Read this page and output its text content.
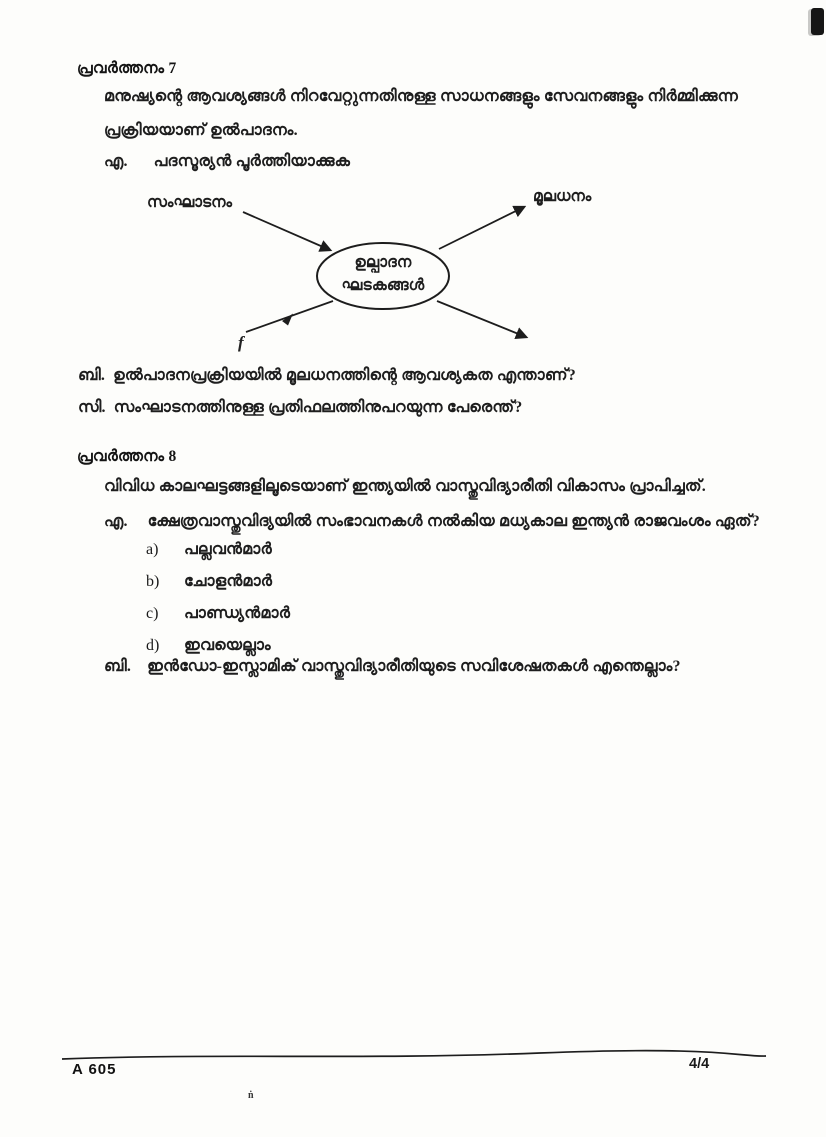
പ്രവർത്തനം 7
മനുഷ്യന്റെ ആവശ്യങ്ങൾ നിറവേറ്റുന്നതിനുള്ള സാധനങ്ങളും സേവനങ്ങളും നിർമ്മിക്കുന്ന
പ്രക്രിയയാണ് ഉൽപാദനം.
എ. പദസൂര്യൻ പൂർത്തിയാക്കുക
ഉല്പാദന
ഘടകങ്ങൾ
സംഘാടനം	മൂലധനം
f
ബി. ഉൽപാദനപ്രക്രിയയിൽ മൂലധനത്തിന്റെ ആവശ്യകത എന്താണ്?
സി. സംഘാടനത്തിനുള്ള പ്രതിഫലത്തിനുപറയുന്ന പേരെന്ത്?
പ്രവർത്തനം 8
വിവിധ കാലഘട്ടങ്ങളിലൂടെയാണ് ഇന്ത്യയിൽ വാസ്തുവിദ്യാരീതി വികാസം പ്രാപിച്ചത്.
എ. ക്ഷേത്രവാസ്തുവിദ്യയിൽ സംഭാവനകൾ നൽകിയ മധ്യകാല ഇന്ത്യൻ രാജവംശം ഏത്?
a)	പല്ലവൻമാർ
b)	ചോളൻമാർ
c)	പാണ്ഡ്യൻമാർ
d)	ഇവയെല്ലാം
ബി. ഇൻഡോ-ഇസ്ലാമിക് വാസ്തുവിദ്യാരീതിയുടെ സവിശേഷതകൾ എന്തെല്ലാം?
A 605	4/4
ṅ
